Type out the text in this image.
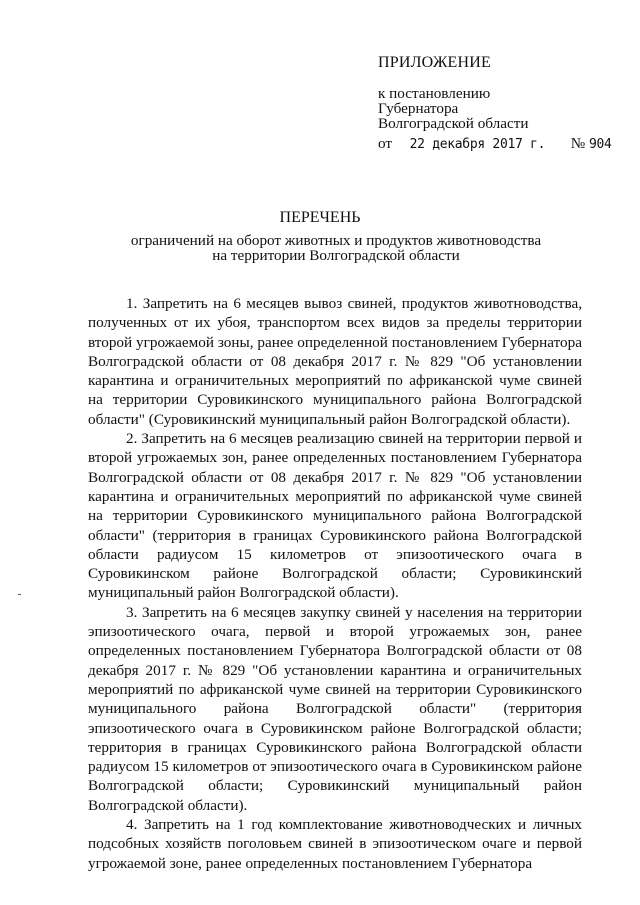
ПРИЛОЖЕНИЕ
к постановлению
Губернатора
Волгоградской области
от 22 декабря 2017 г. № 904
ПЕРЕЧЕНЬ
ограничений на оборот животных и продуктов животноводства
на территории Волгоградской области

1. Запретить на 6 месяцев вывоз свиней, продуктов животноводства, полученных от их убоя, транспортом всех видов за пределы территории второй угрожаемой зоны, ранее определенной постановлением Губернатора Волгоградской области от 08 декабря 2017 г. № 829 "Об установлении карантина и ограничительных мероприятий по африканской чуме свиней на территории Суровикинского муниципального района Волгоградской области" (Суровикинский муниципальный район Волгоградской области).

2. Запретить на 6 месяцев реализацию свиней на территории первой и второй угрожаемых зон, ранее определенных постановлением Губернатора Волгоградской области от 08 декабря 2017 г. № 829 "Об установлении карантина и ограничительных мероприятий по африканской чуме свиней на территории Суровикинского муниципального района Волгоградской области" (территория в границах Суровикинского района Волгоградской области радиусом 15 километров от эпизоотического очага в Суровикинском районе Волгоградской области; Суровикинский муниципальный район Волгоградской области).

3. Запретить на 6 месяцев закупку свиней у населения на территории эпизоотического очага, первой и второй угрожаемых зон, ранее определенных постановлением Губернатора Волгоградской области от 08 декабря 2017 г. № 829 "Об установлении карантина и ограничительных мероприятий по африканской чуме свиней на территории Суровикинского муниципального района Волгоградской области" (территория эпизоотического очага в Суровикинском районе Волгоградской области; территория в границах Суровикинского района Волгоградской области радиусом 15 километров от эпизоотического очага в Суровикинском районе Волгоградской области; Суровикинский муниципальный район Волгоградской области).

4. Запретить на 1 год комплектование животноводческих и личных подсобных хозяйств поголовьем свиней в эпизоотическом очаге и первой угрожаемой зоне, ранее определенных постановлением Губернатора
